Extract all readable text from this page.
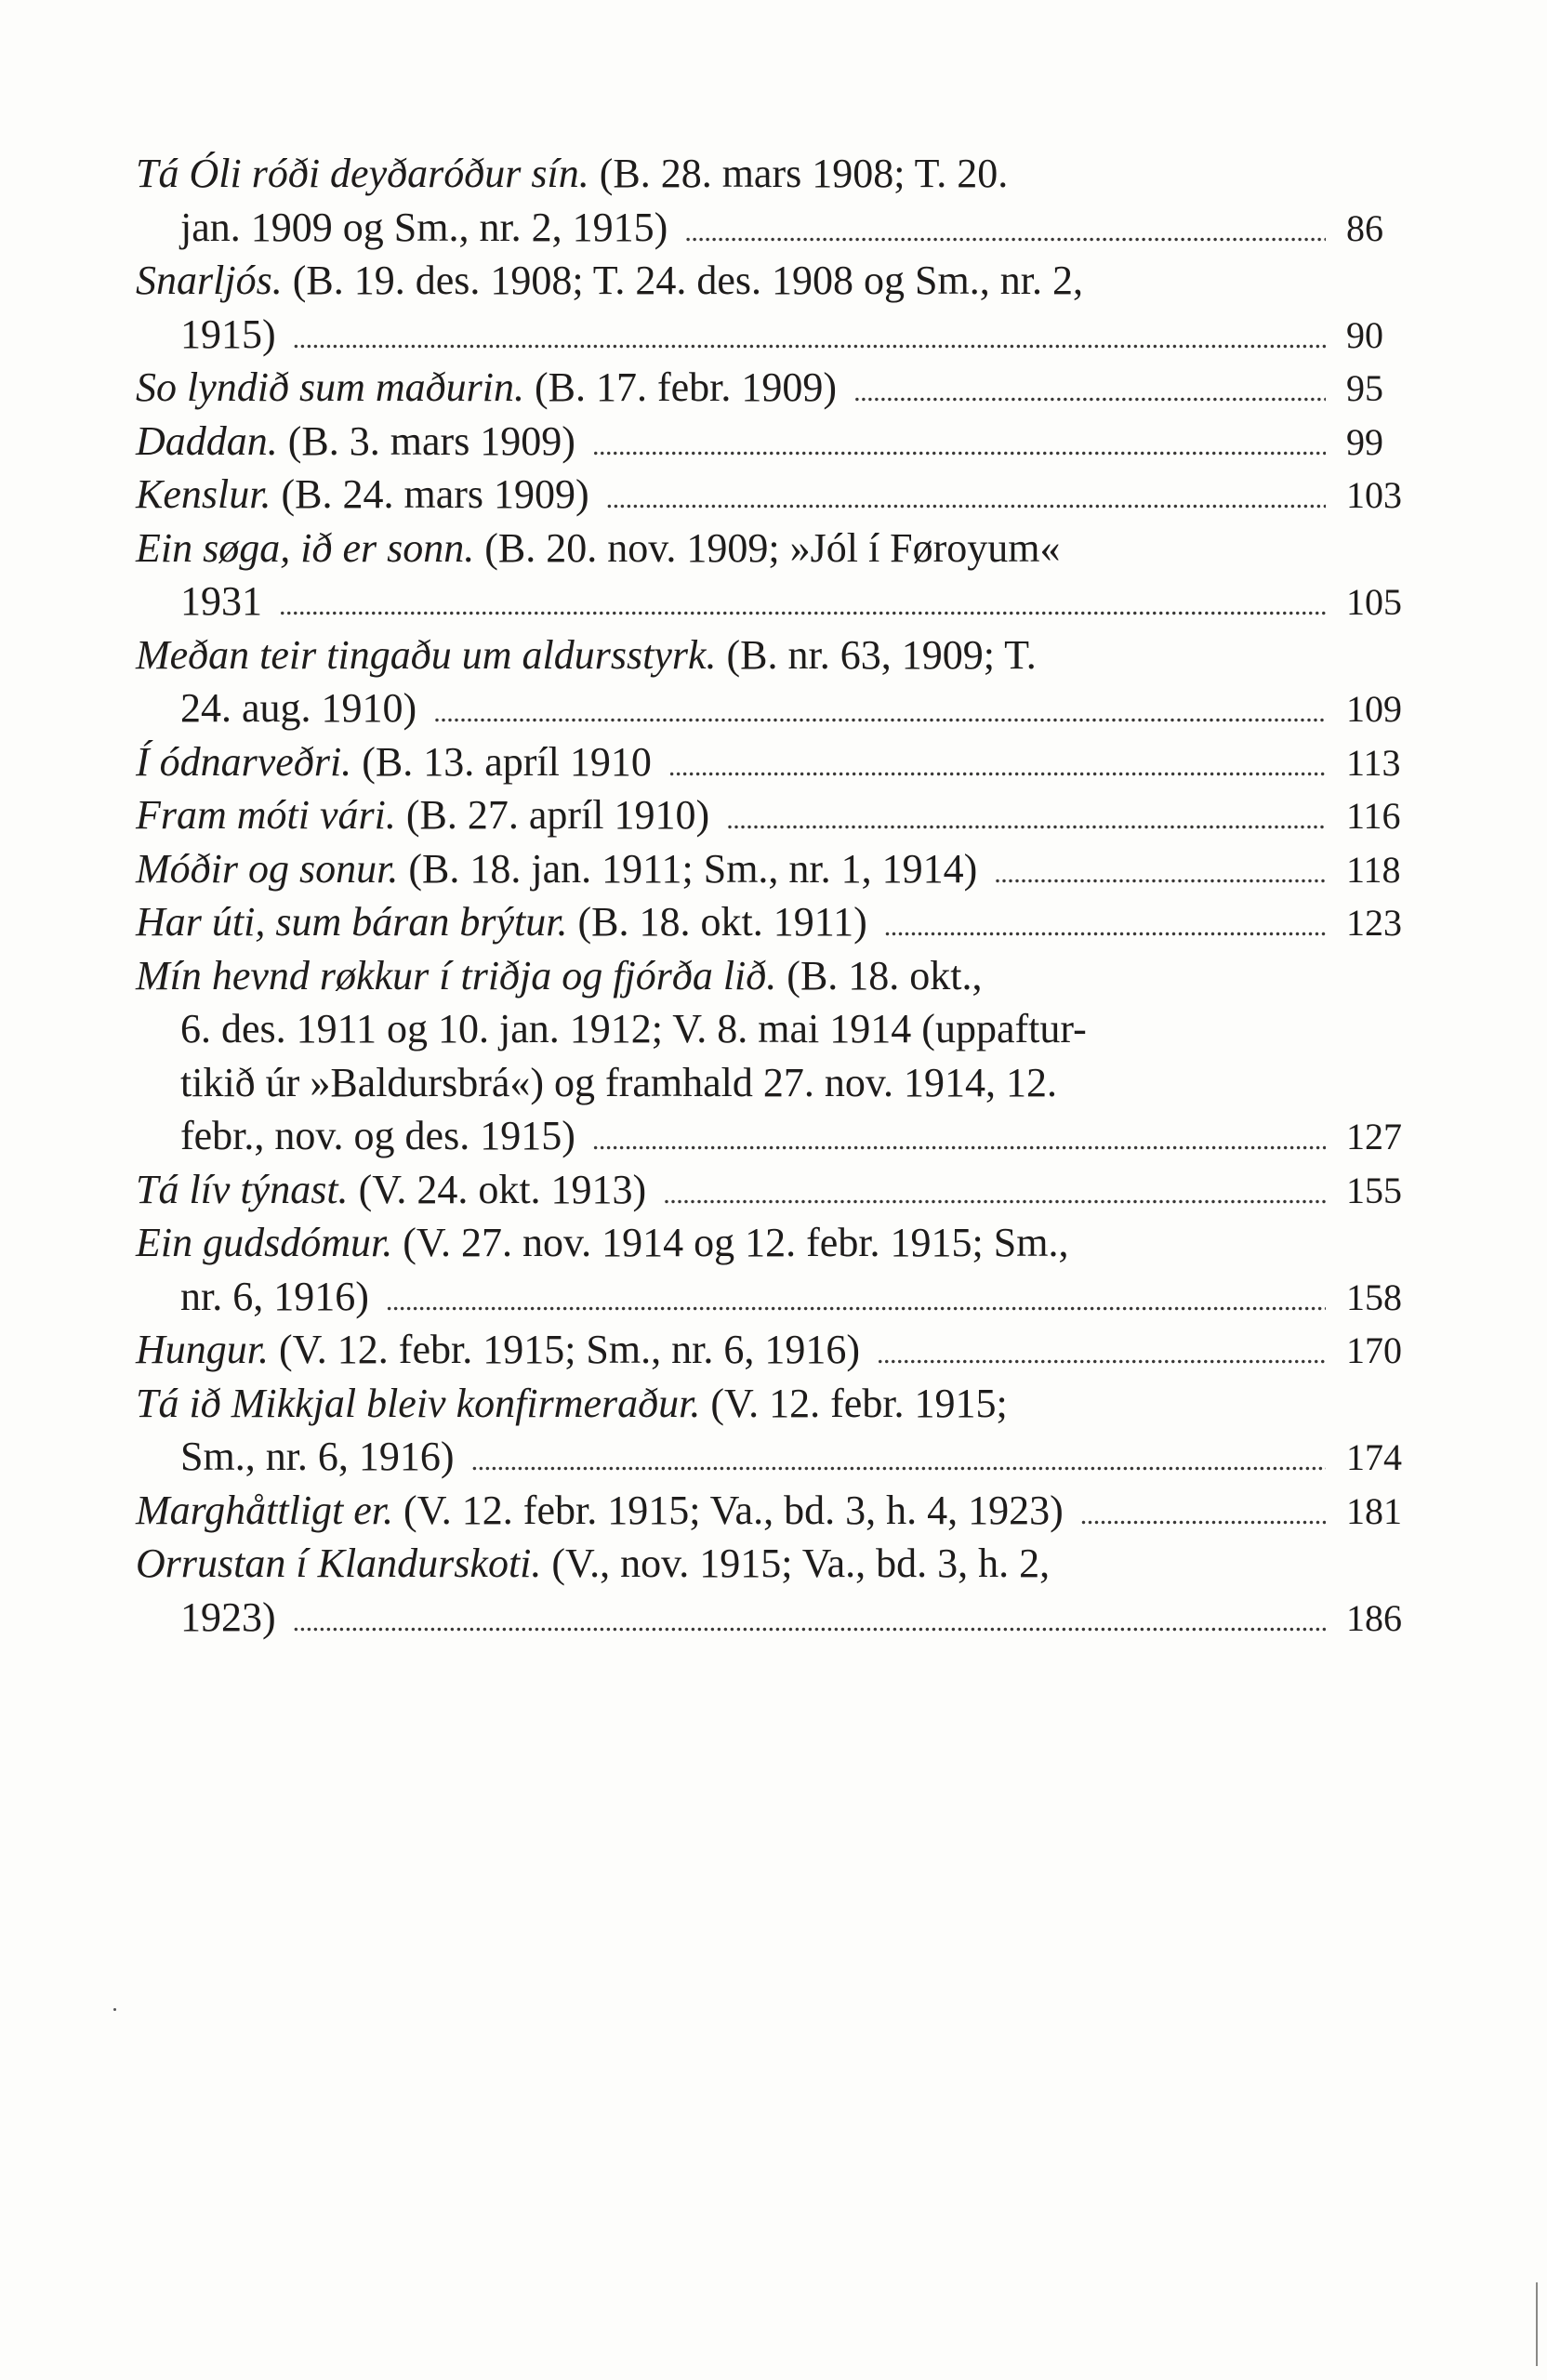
Tá Óli róði deyðaróður sín. (B. 28. mars 1908; T. 20.
jan. 1909 og Sm., nr. 2, 1915) . . .	86
Snarljós. (B. 19. des. 1908; T. 24. des. 1908 og Sm., nr. 2,
1915) . . .	90
So lyndið sum maðurin. (B. 17. febr. 1909) . . .	95
Daddan. (B. 3. mars 1909) . . .	99
Kenslur. (B. 24. mars 1909) . . .	103
Ein søga, ið er sonn. (B. 20. nov. 1909; »Jól í Føroyum«
1931 . . .	105
Meðan teir tingaðu um aldursstyrk. (B. nr. 63, 1909; T.
24. aug. 1910) . . .	109
Í ódnarveðri. (B. 13. apríl 1910 . . .	113
Fram móti vári. (B. 27. apríl 1910) . . .	116
Móðir og sonur. (B. 18. jan. 1911; Sm., nr. 1, 1914) . . .	118
Har úti, sum báran brýtur. (B. 18. okt. 1911) . . .	123
Mín hevnd røkkur í triðja og fjórða lið. (B. 18. okt.,
6. des. 1911 og 10. jan. 1912; V. 8. mai 1914 (uppaftur-
tikið úr »Baldursbrá«) og framhald 27. nov. 1914, 12.
febr., nov. og des. 1915) . . .	127
Tá lív týnast. (V. 24. okt. 1913) . . .	155
Ein gudsdómur. (V. 27. nov. 1914 og 12. febr. 1915; Sm.,
nr. 6, 1916) . . .	158
Hungur. (V. 12. febr. 1915; Sm., nr. 6, 1916) . . .	170
Tá ið Mikkjal bleiv konfirmeraður. (V. 12. febr. 1915;
Sm., nr. 6, 1916) . . .	174
Marghåttligt er. (V. 12. febr. 1915; Va., bd. 3, h. 4, 1923) . . .	181
Orrustan í Klandurskoti. (V., nov. 1915; Va., bd. 3, h. 2,
1923) . . .	186
